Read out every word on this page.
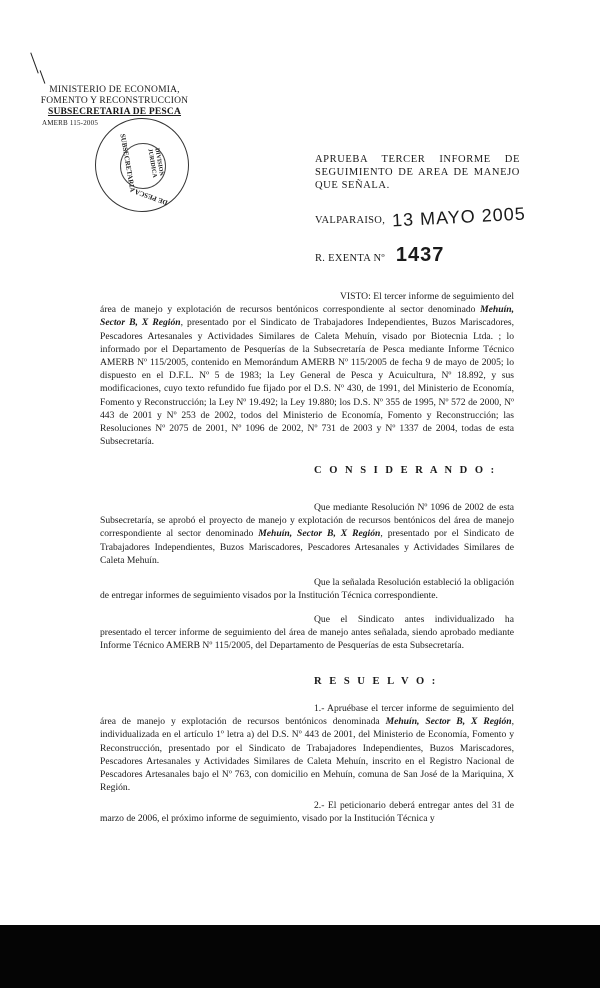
MINISTERIO DE ECONOMIA,
FOMENTO Y RECONSTRUCCION
SUBSECRETARIA DE PESCA
AMERB 115-2005
SUBSECRETARIA
DE PESCA
DIVISION JURIDICA	APRUEBA TERCER INFORME DE SEGUIMIENTO DE AREA DE MANEJO QUE SEÑALA.
VALPARAISO, 13 MAYO 2005
R. EXENTA Nº 1437
VISTO: El tercer informe de seguimiento del área de manejo y explotación de recursos bentónicos correspondiente al sector denominado Mehuín, Sector B, X Región, presentado por el Sindicato de Trabajadores Independientes, Buzos Mariscadores, Pescadores Artesanales y Actividades Similares de Caleta Mehuín, visado por Biotecnia Ltda. ; lo informado por el Departamento de Pesquerías de la Subsecretaría de Pesca mediante Informe Técnico AMERB Nº 115/2005, contenido en Memorándum AMERB Nº 115/2005 de fecha 9 de mayo de 2005; lo dispuesto en el D.F.L. Nº 5 de 1983; la Ley General de Pesca y Acuicultura, Nº 18.892, y sus modificaciones, cuyo texto refundido fue fijado por el D.S. Nº 430, de 1991, del Ministerio de Economía, Fomento y Reconstrucción; la Ley Nº 19.492; la Ley 19.880; los D.S. Nº 355 de 1995, Nº 572 de 2000, Nº 443 de 2001 y Nº 253 de 2002, todos del Ministerio de Economía, Fomento y Reconstrucción; las Resoluciones Nº 2075 de 2001, Nº 1096 de 2002, Nº 731 de 2003 y Nº 1337 de 2004, todas de esta Subsecretaría.
C O N S I D E R A N D O :
Que mediante Resolución Nº 1096 de 2002 de esta Subsecretaría, se aprobó el proyecto de manejo y explotación de recursos bentónicos del área de manejo correspondiente al sector denominado Mehuín, Sector B, X Región, presentado por el Sindicato de Trabajadores Independientes, Buzos Mariscadores, Pescadores Artesanales y Actividades Similares de Caleta Mehuín.
Que la señalada Resolución estableció la obligación de entregar informes de seguimiento visados por la Institución Técnica correspondiente.
Que el Sindicato antes individualizado ha presentado el tercer informe de seguimiento del área de manejo antes señalada, siendo aprobado mediante Informe Técnico AMERB Nº 115/2005, del Departamento de Pesquerías de esta Subsecretaría.
R E S U E L V O :
1.- Apruébase el tercer informe de seguimiento del área de manejo y explotación de recursos bentónicos denominada Mehuín, Sector B, X Región, individualizada en el artículo 1º letra a) del D.S. Nº 443 de 2001, del Ministerio de Economía, Fomento y Reconstrucción, presentado por el Sindicato de Trabajadores Independientes, Buzos Mariscadores, Pescadores Artesanales y Actividades Similares de Caleta Mehuín, inscrito en el Registro Nacional de Pescadores Artesanales bajo el Nº 763, con domicilio en Mehuín, comuna de San José de la Mariquina, X Región.
2.- El peticionario deberá entregar antes del 31 de marzo de 2006, el próximo informe de seguimiento, visado por la Institución Técnica y
